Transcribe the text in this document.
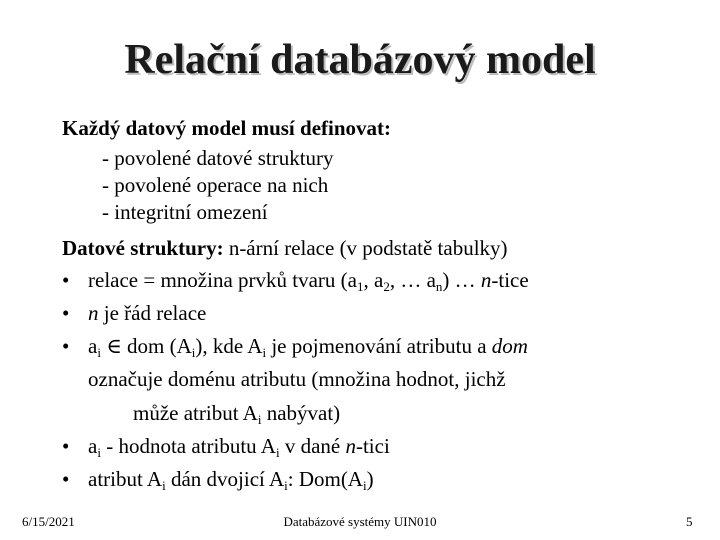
Relační databázový model
Každý datový model musí definovat:
- povolené datové struktury
- povolené operace na nich
- integritní omezení
Datové struktury: n-ární relace (v podstatě tabulky)
• relace = množina prvků tvaru ($a_1$, $a_2$, … $a_n$) … n-tice
• n je řád relace
• $a_i$ ∈ dom $(A_i)$, kde $A_i$ je pojmenování atributu a dom
označuje doménu atributu (množina hodnot, jichž
může atribut $A_i$ nabývat)
• $a_i$ - hodnota atributu $A_i$ v dané n-tici
• atribut $A_i$ dán dvojicí $A_i$: $Dom(A_i)$
6/15/2021	Databázové systémy UIN010	5
